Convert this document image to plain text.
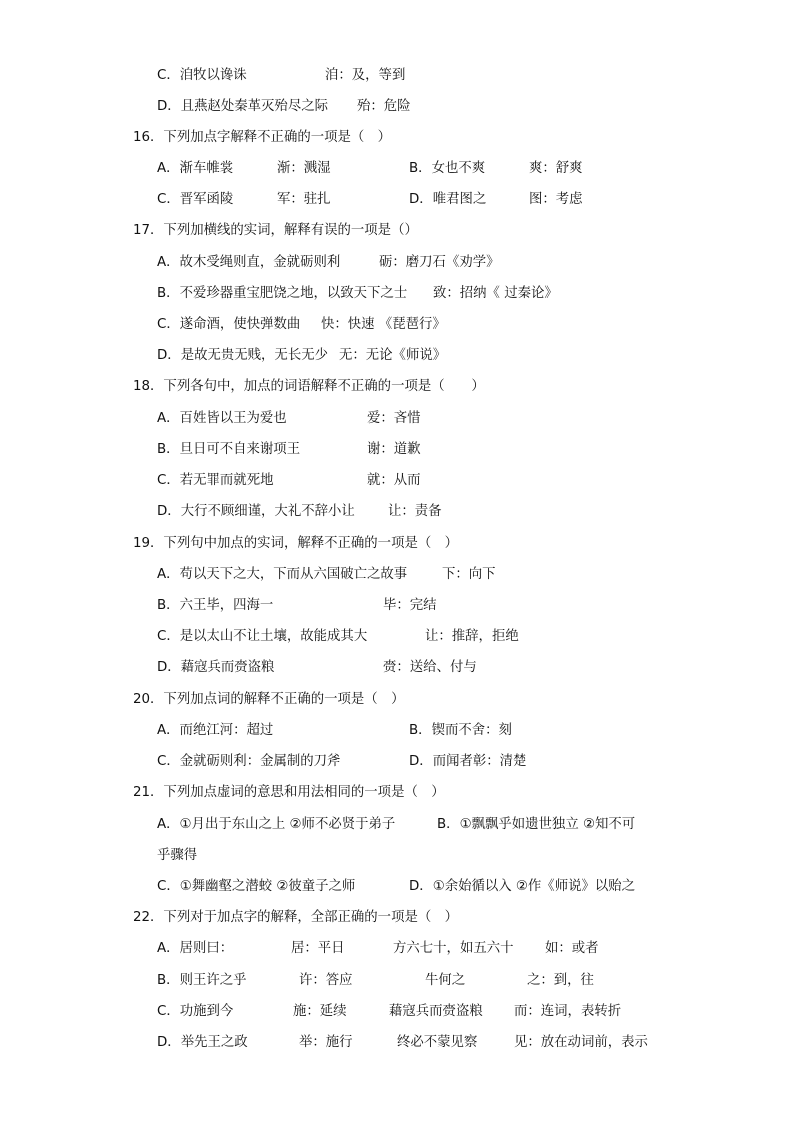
C．洎牧以谗诛	洎：及，等到
D．且燕赵处秦革灭殆尽之际 殆：危险
16．下列加点字解释不正确的一项是（　）
A．渐车帷裳	渐：溅湿	B．女也不爽	爽：舒爽
C．晋军函陵	军：驻扎	D．唯君图之	图：考虑
17．下列加横线的实词，解释有误的一项是（）
A．故木受绳则直，金就砺则利	砺：磨刀石《劝学》
B．不爱珍器重宝肥饶之地，以致天下之士 致：招纳《 过秦论》
C．遂命酒，使快弹数曲 快：快速 《琵琶行》
D．是故无贵无贱，无长无少 无：无论《师说》
18．下列各句中，加点的词语解释不正确的一项是（　　）
A．百姓皆以王为爱也	爱：吝惜
B．旦日可不自来谢项王	谢：道歉
C．若无罪而就死地	就：从而
D．大行不顾细谨，大礼不辞小让 让：责备
19．下列句中加点的实词，解释不正确的一项是（　）
A．苟以天下之大，下而从六国破亡之故事	下：向下
B．六王毕，四海一	毕：完结
C．是以太山不让土壤，故能成其大	让：推辞，拒绝
D．藉寇兵而赍盗粮	赍：送给、付与
20．下列加点词的解释不正确的一项是（　）
A．而绝江河：超过	B．锲而不舍：刻
C．金就砺则利：金属制的刀斧	D．而闻者彰：清楚
21．下列加点虚词的意思和用法相同的一项是（　）
A．①月出于东山之上 ②师不必贤于弟子	B．①飘飘乎如遗世独立 ②知不可
乎骤得
C．①舞幽壑之潜蛟 ②彼童子之师	D．①余始循以入 ②作《师说》以贻之
22．下列对于加点字的解释，全部正确的一项是（　）
A．居则曰：	居：平日	方六七十，如五六十 如：或者
B．则王许之乎	许：答应	牛何之	之：到，往
C．功施到今	施：延续	藉寇兵而赍盗粮 而：连词，表转折
D．举先王之政	举：施行	终必不蒙见察	见：放在动词前，表示
